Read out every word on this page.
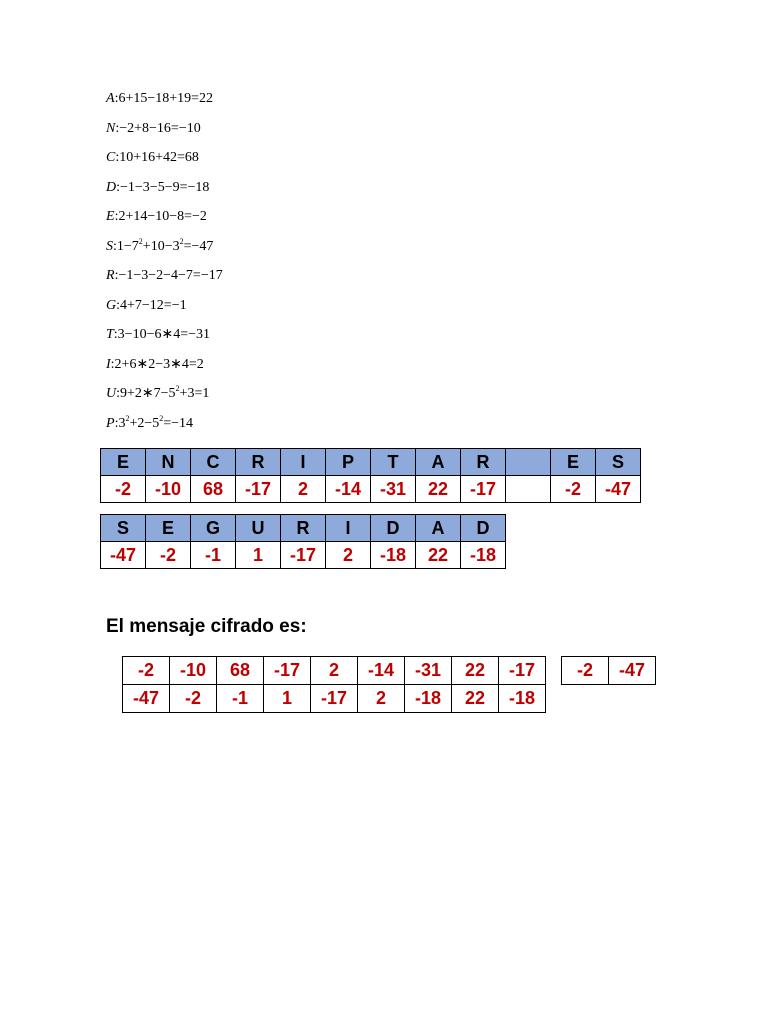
A:6+15−18+19=22
N:−2+8−16=−10
C:10+16+42=68
D:−1−3−5−9=−18
E:2+14−10−8=−2
$S:1-7^2+10-3^2=-47$
R:−1−3−2−4−7=−17
G:4+7−12=−1
T:3−10−6∗4=−31
I:2+6∗2−3∗4=2
$U:9+2∗7-5^2+3=1$
$P:3^2+2-5^2=-14$
E	N	C	R	I	P	T	A	R		E	S
-2	-10	68	-17	2	-14	-31	22	-17		-2	-47
S	E	G	U	R	I	D	A	D
-47	-2	-1	1	-17	2	-18	22	-18
El mensaje cifrado es:
-2	-10	68	-17	2	-14	-31	22	-17		-2	-47
-47	-2	-1	1	-17	2	-18	22	-18			
